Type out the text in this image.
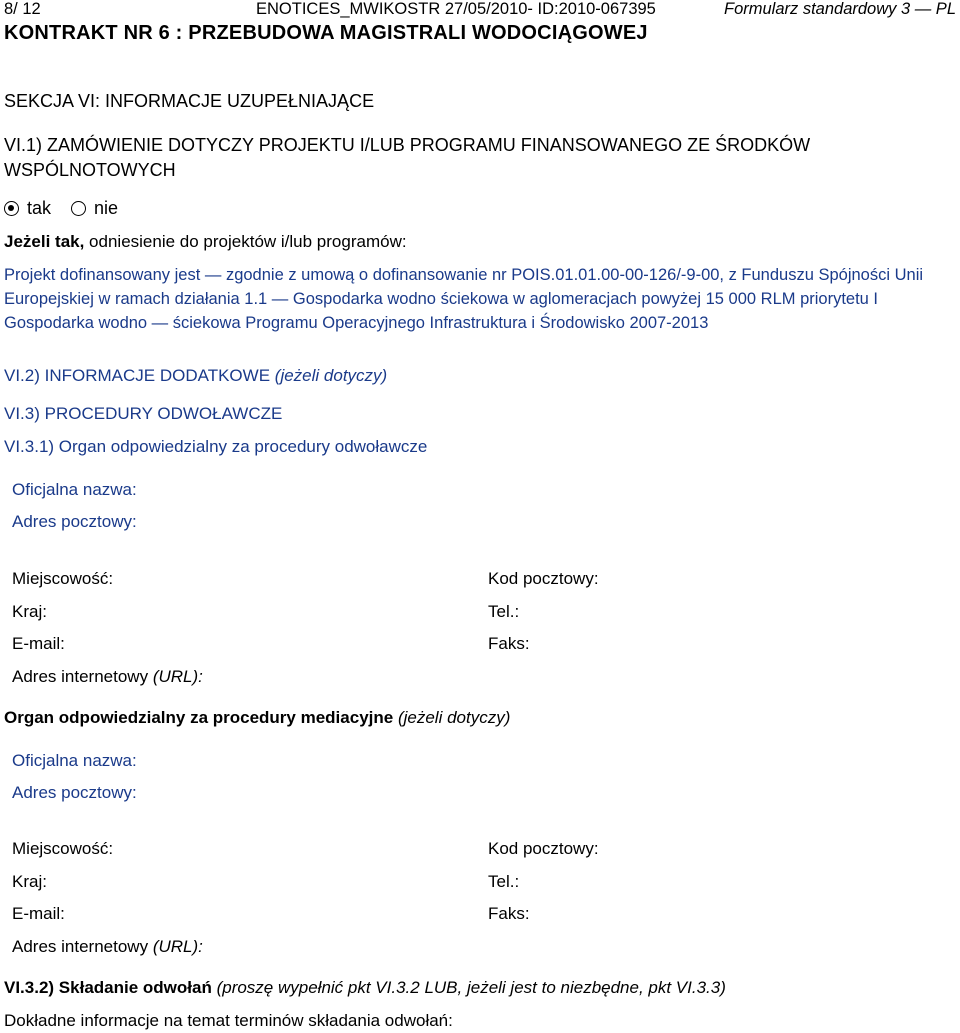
8/ 12	ENOTICES_MWIKOSTR 27/05/2010- ID:2010-067395	Formularz standardowy 3 — PL
KONTRAKT NR 6 : PRZEBUDOWA MAGISTRALI WODOCIĄGOWEJ
SEKCJA VI: INFORMACJE UZUPEŁNIAJĄCE
VI.1) ZAMÓWIENIE DOTYCZY PROJEKTU I/LUB PROGRAMU FINANSOWANEGO ZE ŚRODKÓW WSPÓLNOTOWYCH
tak nie
Jeżeli tak, odniesienie do projektów i/lub programów:
Projekt dofinansowany jest — zgodnie z umową o dofinansowanie nr POIS.01.01.00-00-126/-9-00, z Funduszu Spójności Unii Europejskiej w ramach działania 1.1 — Gospodarka wodno ściekowa w aglomeracjach powyżej 15 000 RLM priorytetu I Gospodarka wodno — ściekowa Programu Operacyjnego Infrastruktura i Środowisko 2007-2013
VI.2) INFORMACJE DODATKOWE (jeżeli dotyczy)
VI.3) PROCEDURY ODWOŁAWCZE
VI.3.1) Organ odpowiedzialny za procedury odwoławcze
Oficjalna nazwa:
Adres pocztowy:
Miejscowość:	Kod pocztowy:
Kraj:	Tel.:
E-mail:	Faks:
Adres internetowy (URL):
Organ odpowiedzialny za procedury mediacyjne (jeżeli dotyczy)
Oficjalna nazwa:
Adres pocztowy:
Miejscowość:	Kod pocztowy:
Kraj:	Tel.:
E-mail:	Faks:
Adres internetowy (URL):
VI.3.2) Składanie odwołań (proszę wypełnić pkt VI.3.2 LUB, jeżeli jest to niezbędne, pkt VI.3.3)
Dokładne informacje na temat terminów składania odwołań:
